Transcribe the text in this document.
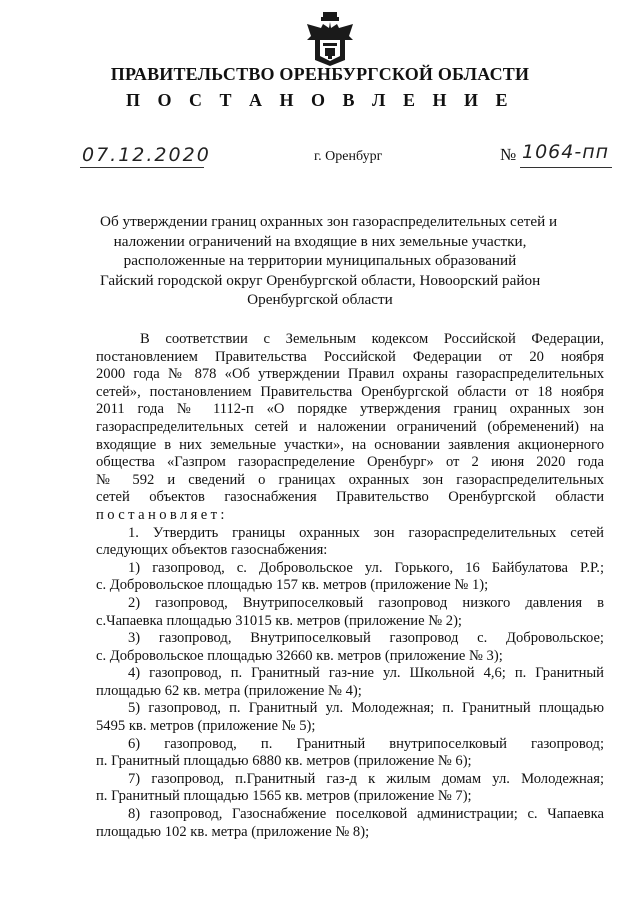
ПРАВИТЕЛЬСТВО ОРЕНБУРГСКОЙ ОБЛАСТИ
П О С Т А Н О В Л Е Н И Е
07.12.2020	г. Оренбург	№ 1064-пп
Об утверждении границ охранных зон газораспределительных сетей и
наложении ограничений на входящие в них земельные участки,
расположенные на территории муниципальных образований
Гайский городской округ Оренбургской области, Новоорский район
Оренбургской области
В соответствии с Земельным кодексом Российской Федерации,
постановлением Правительства Российской Федерации от 20 ноября
2000 года № 878 «Об утверждении Правил охраны газораспределительных
сетей», постановлением Правительства Оренбургской области от 18 ноября
2011 года № 1112-п «О порядке утверждения границ охранных зон
газораспределительных сетей и наложении ограничений (обременений) на
входящие в них земельные участки», на основании заявления акционерного
общества «Газпром газораспределение Оренбург» от 2 июня 2020 года
№ 592 и сведений о границах охранных зон газораспределительных
сетей объектов газоснабжения Правительство Оренбургской области
постановляет:
1. Утвердить границы охранных зон газораспределительных сетей
следующих объектов газоснабжения:
1) газопровод, с. Добровольское ул. Горького, 16 Байбулатова Р.Р.;
с. Добровольское площадью 157 кв. метров (приложение № 1);
2) газопровод, Внутрипоселковый газопровод низкого давления в
с.Чапаевка площадью 31015 кв. метров (приложение № 2);
3) газопровод, Внутрипоселковый газопровод с. Добровольское;
с. Добровольское площадью 32660 кв. метров (приложение № 3);
4) газопровод, п. Гранитный газ-ние ул. Школьной 4,6; п. Гранитный
площадью 62 кв. метра (приложение № 4);
5) газопровод, п. Гранитный ул. Молодежная; п. Гранитный площадью
5495 кв. метров (приложение № 5);
6) газопровод, п. Гранитный внутрипоселковый газопровод;
п. Гранитный площадью 6880 кв. метров (приложение № 6);
7) газопровод, п.Гранитный газ-д к жилым домам ул. Молодежная;
п. Гранитный площадью 1565 кв. метров (приложение № 7);
8) газопровод, Газоснабжение поселковой администрации; с. Чапаевка
площадью 102 кв. метра (приложение № 8);
